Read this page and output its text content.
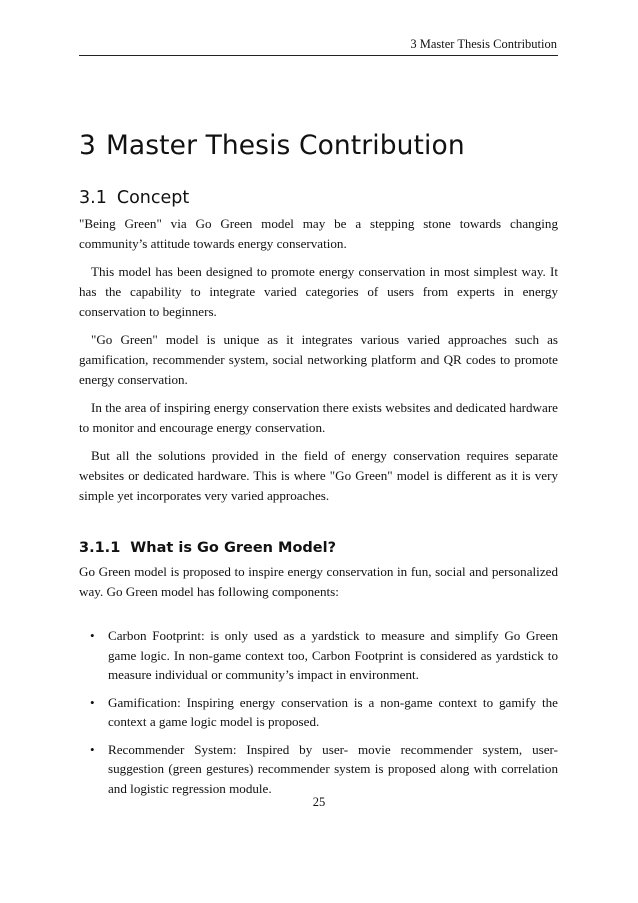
3 Master Thesis Contribution
3 Master Thesis Contribution
3.1 Concept

"Being Green" via Go Green model may be a stepping stone towards changing community’s attitude towards energy conservation.

This model has been designed to promote energy conservation in most simplest way. It has the capability to integrate varied categories of users from experts in energy conservation to beginners.

"Go Green" model is unique as it integrates various varied approaches such as gamification, recommender system, social networking platform and QR codes to promote energy conservation.

In the area of inspiring energy conservation there exists websites and dedicated hardware to monitor and encourage energy conservation.

But all the solutions provided in the field of energy conservation requires separate websites or dedicated hardware. This is where "Go Green" model is different as it is very simple yet incorporates very varied approaches.

3.1.1 What is Go Green Model?

Go Green model is proposed to inspire energy conservation in fun, social and personalized way. Go Green model has following components:

• Carbon Footprint: is only used as a yardstick to measure and simplify Go Green game logic. In non-game context too, Carbon Footprint is considered as yardstick to measure individual or community’s impact in environment.
• Gamification: Inspiring energy conservation is a non-game context to gamify the context a game logic model is proposed.
• Recommender System: Inspired by user- movie recommender system, user-suggestion (green gestures) recommender system is proposed along with correlation and logistic regression module.
25
